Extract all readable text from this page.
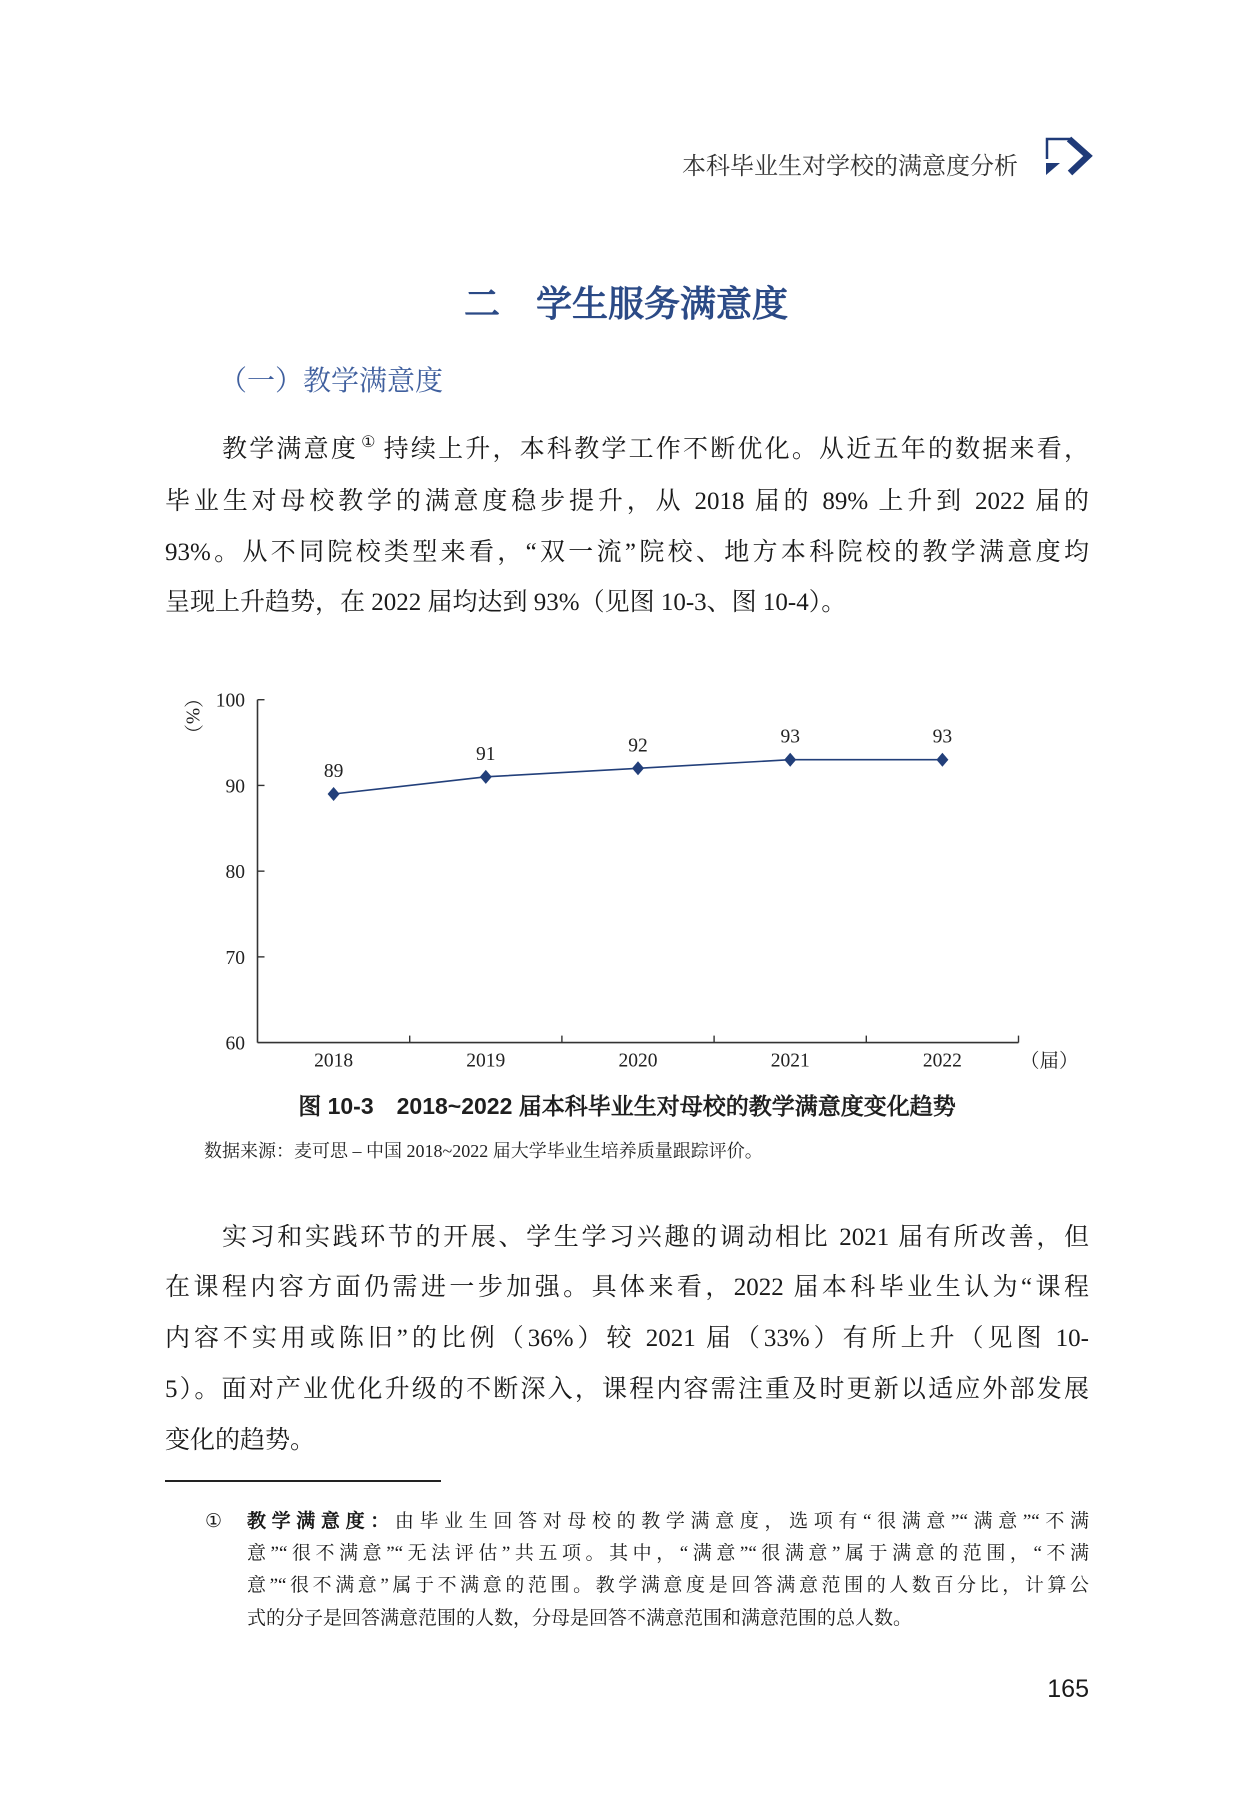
本科毕业生对学校的满意度分析
二　学生服务满意度
（一）教学满意度
教学满意度 ① 持续上升，本科教学工作不断优化。从近五年的数据来看，
毕业生对母校教学的满意度稳步提升，从 2018 届的 89% 上升到 2022 届的
93%。从不同院校类型来看，“双一流”院校、地方本科院校的教学满意度均
呈现上升趋势，在 2022 届均达到 93%（见图 10-3、图 10-4）。
（%）
（届）
60
70
80
90
100
2018	2019	2020	2021	2022
89
91	92	93	93
图 10-3　2018~2022 届本科毕业生对母校的教学满意度变化趋势
数据来源：麦可思 – 中国 2018~2022 届大学毕业生培养质量跟踪评价。
实习和实践环节的开展、学生学习兴趣的调动相比 2021 届有所改善，但
在课程内容方面仍需进一步加强。具体来看，2022 届本科毕业生认为“课程
内容不实用或陈旧”的比例（36%）较 2021 届（33%）有所上升（见图 10-
5）。面对产业优化升级的不断深入，课程内容需注重及时更新以适应外部发展
变化的趋势。
① 教学满意度：由毕业生回答对母校的教学满意度，选项有“很满意”“满意”“不满
意”“很不满意”“无法评估”共五项。其中，“满意”“很满意”属于满意的范围，“不满
意”“很不满意”属于不满意的范围。教学满意度是回答满意范围的人数百分比，计算公
式的分子是回答满意范围的人数，分母是回答不满意范围和满意范围的总人数。
165
